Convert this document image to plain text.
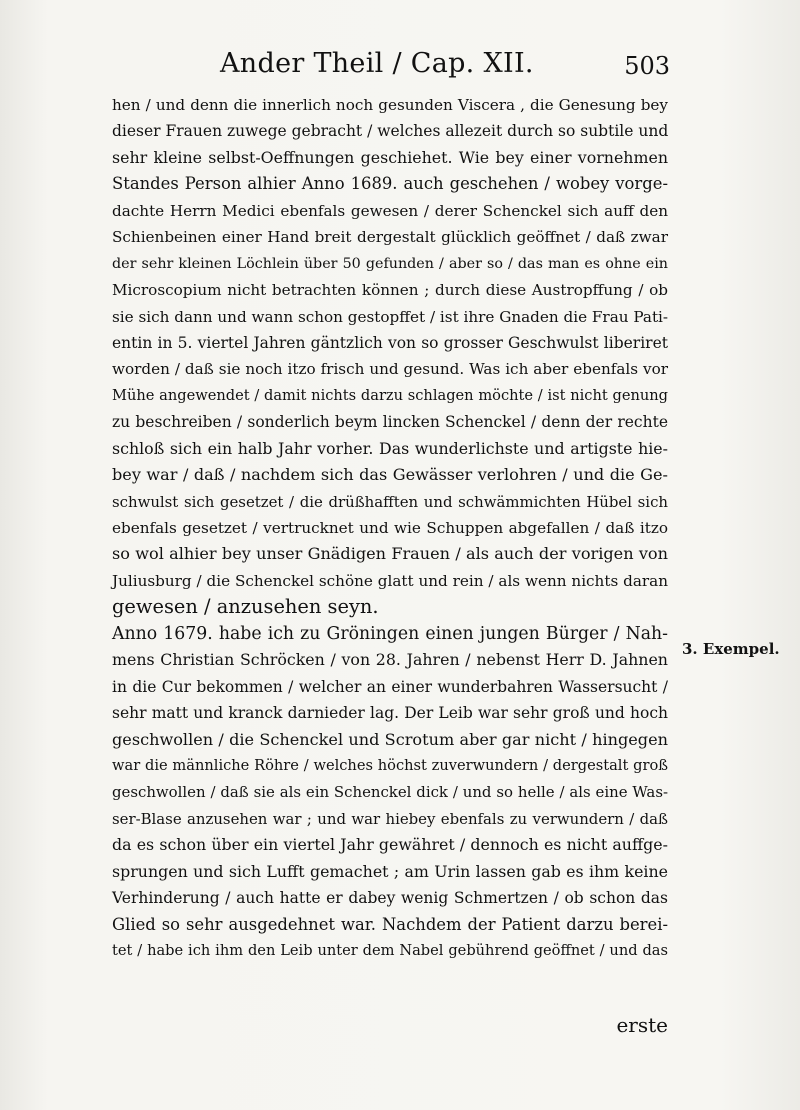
Ander Theil / Cap. XII.	503
hen / und denn die innerlich noch gesunden Viscera , die Genesung bey
dieser Frauen zuwege gebracht / welches allezeit durch so subtile und
sehr kleine selbst-Oeffnungen geschiehet. Wie bey einer vornehmen
Standes Person alhier Anno 1689. auch geschehen / wobey vorge-
dachte Herrn Medici ebenfals gewesen / derer Schenckel sich auff den
Schienbeinen einer Hand breit dergestalt glücklich geöffnet / daß zwar
der sehr kleinen Löchlein über 50 gefunden / aber so / das man es ohne ein
Microscopium nicht betrachten können ; durch diese Austropffung / ob
sie sich dann und wann schon gestopffet / ist ihre Gnaden die Frau Pati-
entin in 5. viertel Jahren gäntzlich von so grosser Geschwulst liberiret
worden / daß sie noch itzo frisch und gesund. Was ich aber ebenfals vor
Mühe angewendet / damit nichts darzu schlagen möchte / ist nicht genung
zu beschreiben / sonderlich beym lincken Schenckel / denn der rechte
schloß sich ein halb Jahr vorher. Das wunderlichste und artigste hie-
bey war / daß / nachdem sich das Gewässer verlohren / und die Ge-
schwulst sich gesetzet / die drüßhafften und schwämmichten Hübel sich
ebenfals gesetzet / vertrucknet und wie Schuppen abgefallen / daß itzo
so wol alhier bey unser Gnädigen Frauen / als auch der vorigen von
Juliusburg / die Schenckel schöne glatt und rein / als wenn nichts daran
gewesen / anzusehen seyn.
Anno 1679. habe ich zu Gröningen einen jungen Bürger / Nah-
mens Christian Schröcken / von 28. Jahren / nebenst Herr D. Jahnen
in die Cur bekommen / welcher an einer wunderbahren Wassersucht /
sehr matt und kranck darnieder lag. Der Leib war sehr groß und hoch
geschwollen / die Schenckel und Scrotum aber gar nicht / hingegen
war die männliche Röhre / welches höchst zuverwundern / dergestalt groß
geschwollen / daß sie als ein Schenckel dick / und so helle / als eine Was-
ser-Blase anzusehen war ; und war hiebey ebenfals zu verwundern / daß
da es schon über ein viertel Jahr gewähret / dennoch es nicht auffge-
sprungen und sich Lufft gemachet ; am Urin lassen gab es ihm keine
Verhinderung / auch hatte er dabey wenig Schmertzen / ob schon das
Glied so sehr ausgedehnet war. Nachdem der Patient darzu berei-
tet / habe ich ihm den Leib unter dem Nabel gebührend geöffnet / und das
3. Exempel.
erste
